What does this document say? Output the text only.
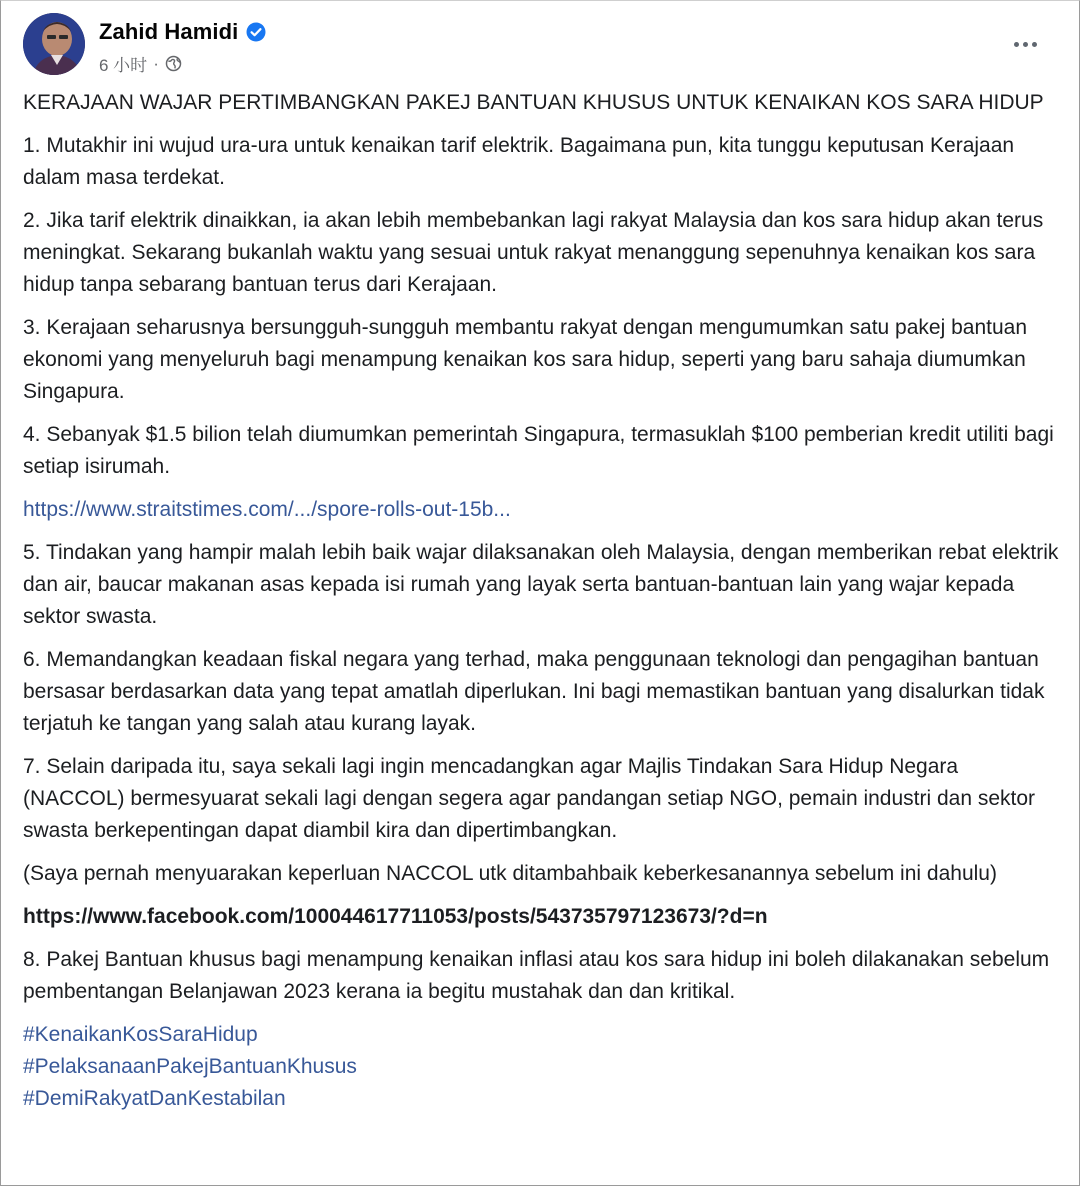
Zahid Hamidi
6 小时 ·

KERAJAAN WAJAR PERTIMBANGKAN PAKEJ BANTUAN KHUSUS UNTUK KENAIKAN KOS SARA HIDUP

1. Mutakhir ini wujud ura-ura untuk kenaikan tarif elektrik. Bagaimana pun, kita tunggu keputusan Kerajaan dalam masa terdekat.

2. Jika tarif elektrik dinaikkan, ia akan lebih membebankan lagi rakyat Malaysia dan kos sara hidup akan terus meningkat. Sekarang bukanlah waktu yang sesuai untuk rakyat menanggung sepenuhnya kenaikan kos sara hidup tanpa sebarang bantuan terus dari Kerajaan.

3. Kerajaan seharusnya bersungguh-sungguh membantu rakyat dengan mengumumkan satu pakej bantuan ekonomi yang menyeluruh bagi menampung kenaikan kos sara hidup, seperti yang baru sahaja diumumkan Singapura.

4. Sebanyak $1.5 bilion telah diumumkan pemerintah Singapura, termasuklah $100 pemberian kredit utiliti bagi setiap isirumah.

https://www.straitstimes.com/.../spore-rolls-out-15b...

5. Tindakan yang hampir malah lebih baik wajar dilaksanakan oleh Malaysia, dengan memberikan rebat elektrik dan air, baucar makanan asas kepada isi rumah yang layak serta bantuan-bantuan lain yang wajar kepada sektor swasta.

6. Memandangkan keadaan fiskal negara yang terhad, maka penggunaan teknologi dan pengagihan bantuan bersasar berdasarkan data yang tepat amatlah diperlukan. Ini bagi memastikan bantuan yang disalurkan tidak terjatuh ke tangan yang salah atau kurang layak.

7. Selain daripada itu, saya sekali lagi ingin mencadangkan agar Majlis Tindakan Sara Hidup Negara (NACCOL) bermesyuarat sekali lagi dengan segera agar pandangan setiap NGO, pemain industri dan sektor swasta berkepentingan dapat diambil kira dan dipertimbangkan.

(Saya pernah menyuarakan keperluan NACCOL utk ditambahbaik keberkesanannya sebelum ini dahulu)

https://www.facebook.com/100044617711053/posts/543735797123673/?d=n

8. Pakej Bantuan khusus bagi menampung kenaikan inflasi atau kos sara hidup ini boleh dilakanakan sebelum pembentangan Belanjawan 2023 kerana ia begitu mustahak dan dan kritikal.

#KenaikanKosSaraHidup
#PelaksanaanPakejBantuanKhusus
#DemiRakyatDanKestabilan
